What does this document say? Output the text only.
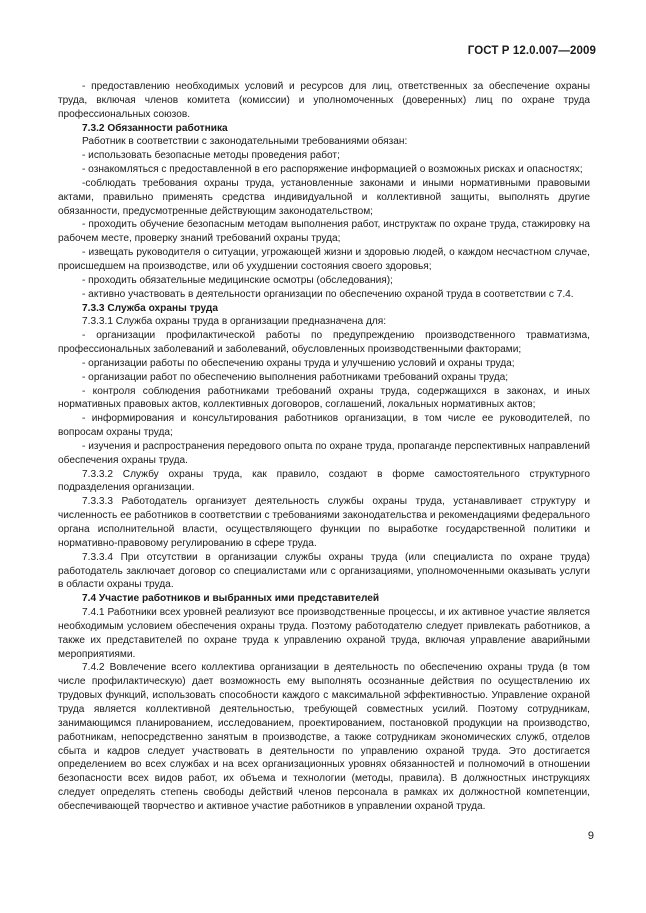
ГОСТ Р 12.0.007—2009

- предоставлению необходимых условий и ресурсов для лиц, ответственных за обеспечение охраны труда, включая членов комитета (комиссии) и уполномоченных (доверенных) лиц по охране труда профессиональных союзов.

7.3.2 Обязанности работника

Работник в соответствии с законодательными требованиями обязан:

- использовать безопасные методы проведения работ;

- ознакомляться с предоставленной в его распоряжение информацией о возможных рисках и опасностях;

-соблюдать требования охраны труда, установленные законами и иными нормативными правовыми актами, правильно применять средства индивидуальной и коллективной защиты, выполнять другие обязанности, предусмотренные действующим законодательством;

- проходить обучение безопасным методам выполнения работ, инструктаж по охране труда, стажировку на рабочем месте, проверку знаний требований охраны труда;

- извещать руководителя о ситуации, угрожающей жизни и здоровью людей, о каждом несчастном случае, происшедшем на производстве, или об ухудшении состояния своего здоровья;

- проходить обязательные медицинские осмотры (обследования);

- активно участвовать в деятельности организации по обеспечению охраной труда в соответствии с 7.4.

7.3.3 Служба охраны труда

7.3.3.1 Служба охраны труда в организации предназначена для:

- организации профилактической работы по предупреждению производственного травматизма, профессиональных заболеваний и заболеваний, обусловленных производственными факторами;

- организации работы по обеспечению охраны труда и улучшению условий и охраны труда;

- организации работ по обеспечению выполнения работниками требований охраны труда;

- контроля соблюдения работниками требований охраны труда, содержащихся в законах, и иных нормативных правовых актов, коллективных договоров, соглашений, локальных нормативных актов;

- информирования и консультирования работников организации, в том числе ее руководителей, по вопросам охраны труда;

- изучения и распространения передового опыта по охране труда, пропаганде перспективных направлений обеспечения охраны труда.

7.3.3.2 Службу охраны труда, как правило, создают в форме самостоятельного структурного подразделения организации.

7.3.3.3 Работодатель организует деятельность службы охраны труда, устанавливает структуру и численность ее работников в соответствии с требованиями законодательства и рекомендациями федерального органа исполнительной власти, осуществляющего функции по выработке государственной политики и нормативно-правовому регулированию в сфере труда.

7.3.3.4 При отсутствии в организации службы охраны труда (или специалиста по охране труда) работодатель заключает договор со специалистами или с организациями, уполномоченными оказывать услуги в области охраны труда.

7.4 Участие работников и выбранных ими представителей

7.4.1 Работники всех уровней реализуют все производственные процессы, и их активное участие является необходимым условием обеспечения охраны труда. Поэтому работодателю следует привлекать работников, а также их представителей по охране труда к управлению охраной труда, включая управление аварийными мероприятиями.

7.4.2 Вовлечение всего коллектива организации в деятельность по обеспечению охраны труда (в том числе профилактическую) дает возможность ему выполнять осознанные действия по осуществлению их трудовых функций, использовать способности каждого с максимальной эффективностью. Управление охраной труда является коллективной деятельностью, требующей совместных усилий. Поэтому сотрудникам, занимающимся планированием, исследованием, проектированием, постановкой продукции на производство, работникам, непосредственно занятым в производстве, а также сотрудникам экономических служб, отделов сбыта и кадров следует участвовать в деятельности по управлению охраной труда. Это достигается определением во всех службах и на всех организационных уровнях обязанностей и полномочий в отношении безопасности всех видов работ, их объема и технологии (методы, правила). В должностных инструкциях следует определять степень свободы действий членов персонала в рамках их должностной компетенции, обеспечивающей творчество и активное участие работников в управлении охраной труда.

9
